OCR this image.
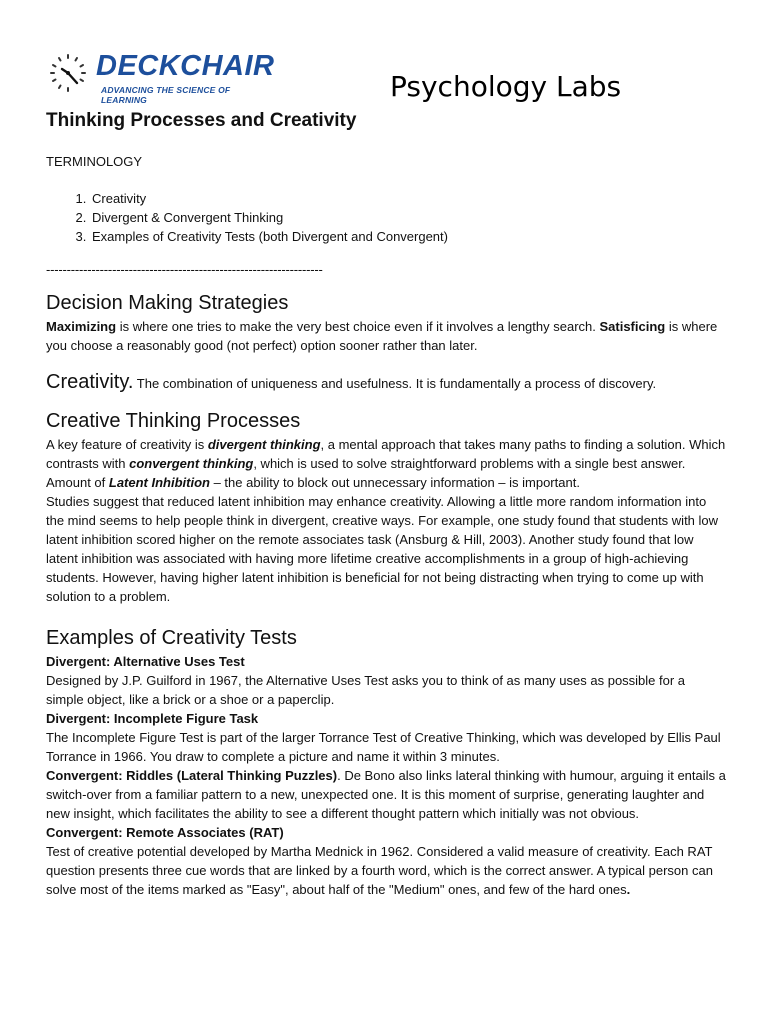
DECKCHAIR
ADVANCING THE SCIENCE OF LEARNING	Psychology Labs
Thinking Processes and Creativity
TERMINOLOGY
1. Creativity
2. Divergent & Convergent Thinking
3. Examples of Creativity Tests (both Divergent and Convergent)
-------------------------------------------------------------------
Decision Making Strategies

Maximizing is where one tries to make the very best choice even if it involves a lengthy search. Satisficing is where you choose a reasonably good (not perfect) option sooner rather than later.

Creativity. The combination of uniqueness and usefulness. It is fundamentally a process of discovery.

Creative Thinking Processes

A key feature of creativity is divergent thinking, a mental approach that takes many paths to finding a solution. Which contrasts with convergent thinking, which is used to solve straightforward problems with a single best answer.

Amount of Latent Inhibition – the ability to block out unnecessary information – is important.

Studies suggest that reduced latent inhibition may enhance creativity. Allowing a little more random information into the mind seems to help people think in divergent, creative ways. For example, one study found that students with low latent inhibition scored higher on the remote associates task (Ansburg & Hill, 2003). Another study found that low latent inhibition was associated with having more lifetime creative accomplishments in a group of high-achieving students. However, having higher latent inhibition is beneficial for not being distracting when trying to come up with solution to a problem.

Examples of Creativity Tests

Divergent: Alternative Uses Test

Designed by J.P. Guilford in 1967, the Alternative Uses Test asks you to think of as many uses as possible for a simple object, like a brick or a shoe or a paperclip.

Divergent: Incomplete Figure Task

The Incomplete Figure Test is part of the larger Torrance Test of Creative Thinking, which was developed by Ellis Paul Torrance in 1966. You draw to complete a picture and name it within 3 minutes.

Convergent: Riddles (Lateral Thinking Puzzles). De Bono also links lateral thinking with humour, arguing it entails a switch-over from a familiar pattern to a new, unexpected one. It is this moment of surprise, generating laughter and new insight, which facilitates the ability to see a different thought pattern which initially was not obvious.

Convergent: Remote Associates (RAT)

Test of creative potential developed by Martha Mednick in 1962. Considered a valid measure of creativity. Each RAT question presents three cue words that are linked by a fourth word, which is the correct answer. A typical person can solve most of the items marked as "Easy", about half of the "Medium" ones, and few of the hard ones.
